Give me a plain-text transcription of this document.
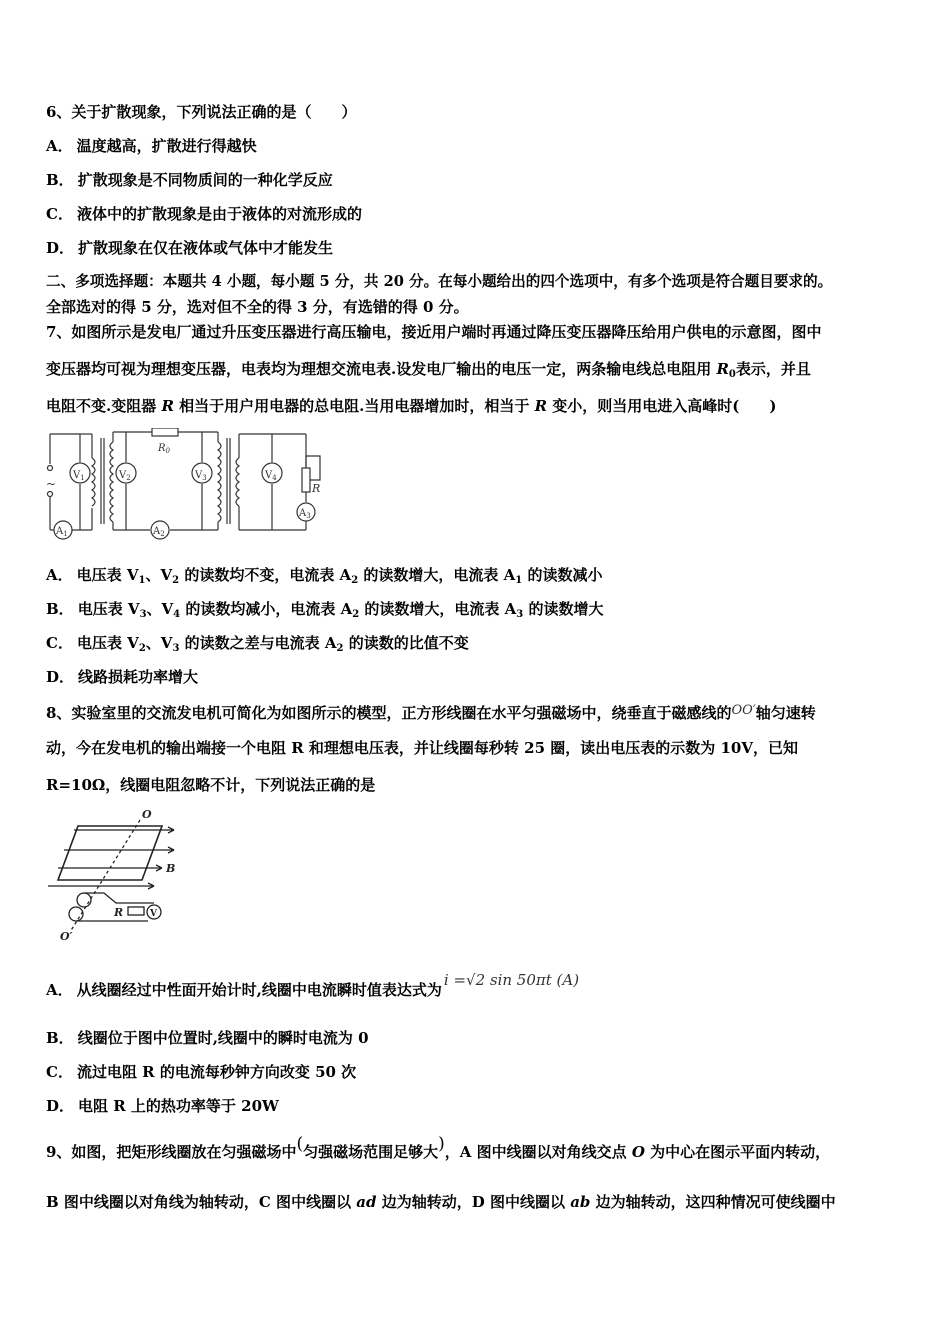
6、关于扩散现象，下列说法正确的是（　　）
A． 温度越高，扩散进行得越快
B． 扩散现象是不同物质间的一种化学反应
C． 液体中的扩散现象是由于液体的对流形成的
D． 扩散现象在仅在液体或气体中才能发生
二、多项选择题：本题共 4 小题，每小题 5 分，共 20 分。在每小题给出的四个选项中，有多个选项是符合题目要求的。
全部选对的得 5 分，选对但不全的得 3 分，有选错的得 0 分。
7、如图所示是发电厂通过升压变压器进行高压输电，接近用户端时再通过降压变压器降压给用户供电的示意图，图中
变压器均可视为理想变压器，电表均为理想交流电表.设发电厂输出的电压一定，两条输电线总电阻用 $R_0$表示，并且
电阻不变.变阻器 R 相当于用户用电器的总电阻.当用电器增加时，相当于 R 变小，则当用电进入高峰时(　　)
~
$V_1$
$A_1$
$R_0$
$V_2$	$V_3$
$A_2$
$V_4$
R
$A_3$
A． 电压表 $V_1$、$V_2$ 的读数均不变，电流表 $A_2$ 的读数增大，电流表 $A_1$ 的读数减小
B． 电压表 $V_3$、$V_4$ 的读数均减小，电流表 $A_2$ 的读数增大，电流表 $A_3$ 的读数增大
C． 电压表 $V_2$、$V_3$ 的读数之差与电流表 $A_2$ 的读数的比值不变
D． 线路损耗功率增大
8、实验室里的交流发电机可简化为如图所示的模型，正方形线圈在水平匀强磁场中，绕垂直于磁感线的OO′轴匀速转
动，今在发电机的输出端接一个电阻 R 和理想电压表，并让线圈每秒转 25 圈，读出电压表的示数为 10V，已知
R=10Ω，线圈电阻忽略不计，下列说法正确的是
O
B
R	V
O′
A． 从线圈经过中性面开始计时,线圈中电流瞬时值表达式为i =√2 sin 50πt (A)
B． 线圈位于图中位置时,线圈中的瞬时电流为 0
C． 流过电阻 R 的电流每秒钟方向改变 50 次
D． 电阻 R 上的热功率等于 20W
9、如图，把矩形线圈放在匀强磁场中(匀强磁场范围足够大)，A 图中线圈以对角线交点 O 为中心在图示平面内转动，
B 图中线圈以对角线为轴转动，C 图中线圈以 ad 边为轴转动，D 图中线圈以 ab 边为轴转动，这四种情况可使线圈中
